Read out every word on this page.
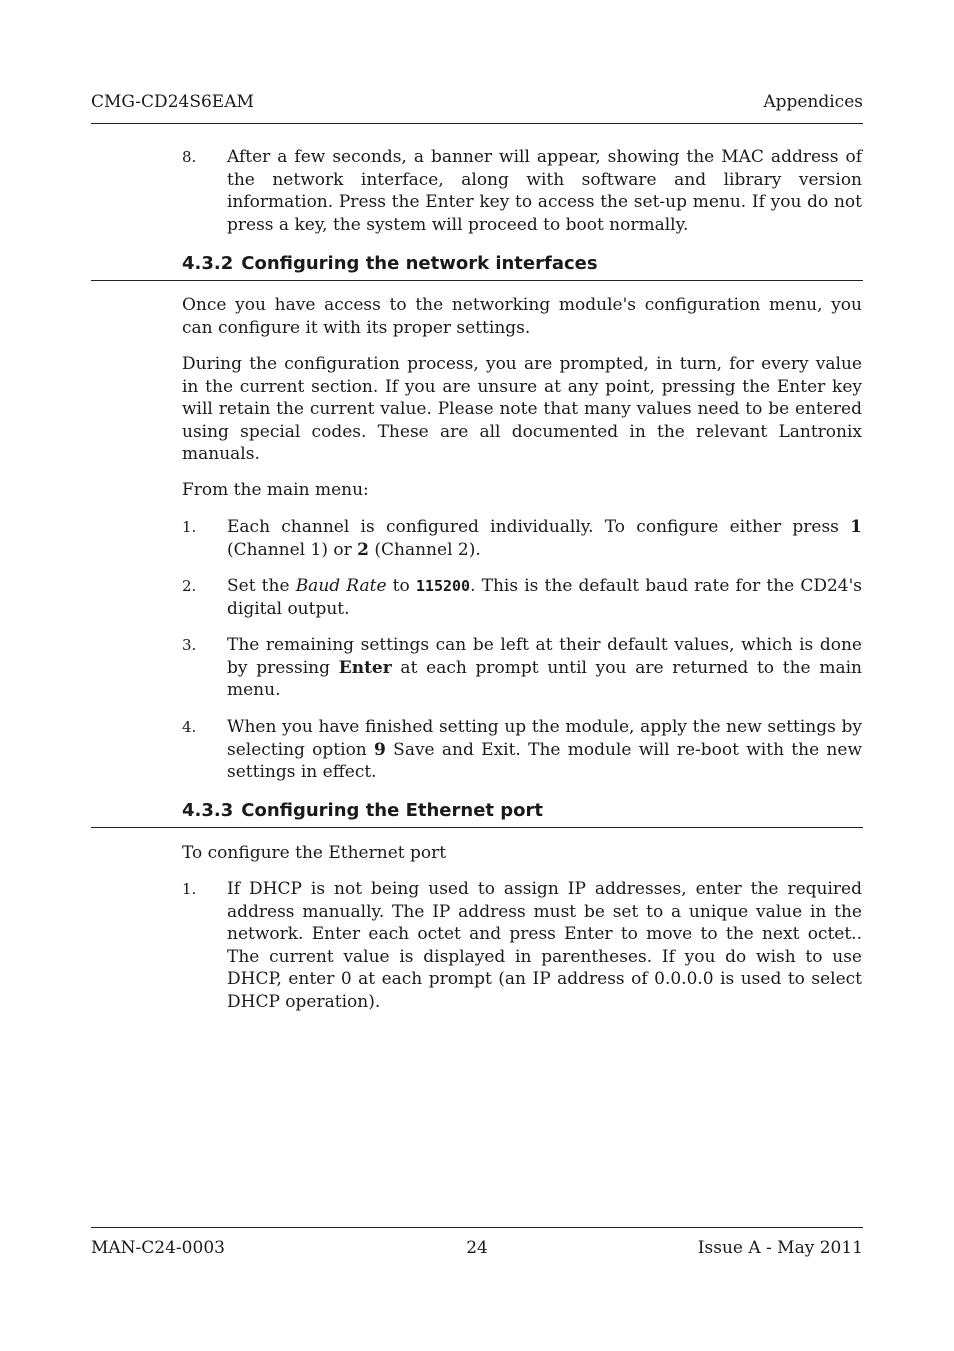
CMG-CD24S6EAM	Appendices
8. After a few seconds, a banner will appear, showing the MAC address of the network interface, along with software and library version information. Press the Enter key to access the set-up menu. If you do not press a key, the system will proceed to boot normally.
4.3.2 Configuring the network interfaces
Once you have access to the networking module's configuration menu, you can configure it with its proper settings.
During the configuration process, you are prompted, in turn, for every value in the current section. If you are unsure at any point, pressing the Enter key will retain the current value. Please note that many values need to be entered using special codes. These are all documented in the relevant Lantronix manuals.
From the main menu:
1. Each channel is configured individually. To configure either press 1 (Channel 1) or 2 (Channel 2).
2. Set the Baud Rate to 115200. This is the default baud rate for the CD24's digital output.
3. The remaining settings can be left at their default values, which is done by pressing Enter at each prompt until you are returned to the main menu.
4. When you have finished setting up the module, apply the new settings by selecting option 9 Save and Exit. The module will re-boot with the new settings in effect.
4.3.3 Configuring the Ethernet port
To configure the Ethernet port
1. If DHCP is not being used to assign IP addresses, enter the required address manually. The IP address must be set to a unique value in the network. Enter each octet and press Enter to move to the next octet.. The current value is displayed in parentheses. If you do wish to use DHCP, enter 0 at each prompt (an IP address of 0.0.0.0 is used to select DHCP operation).
MAN-C24-0003	24	Issue A - May 2011
